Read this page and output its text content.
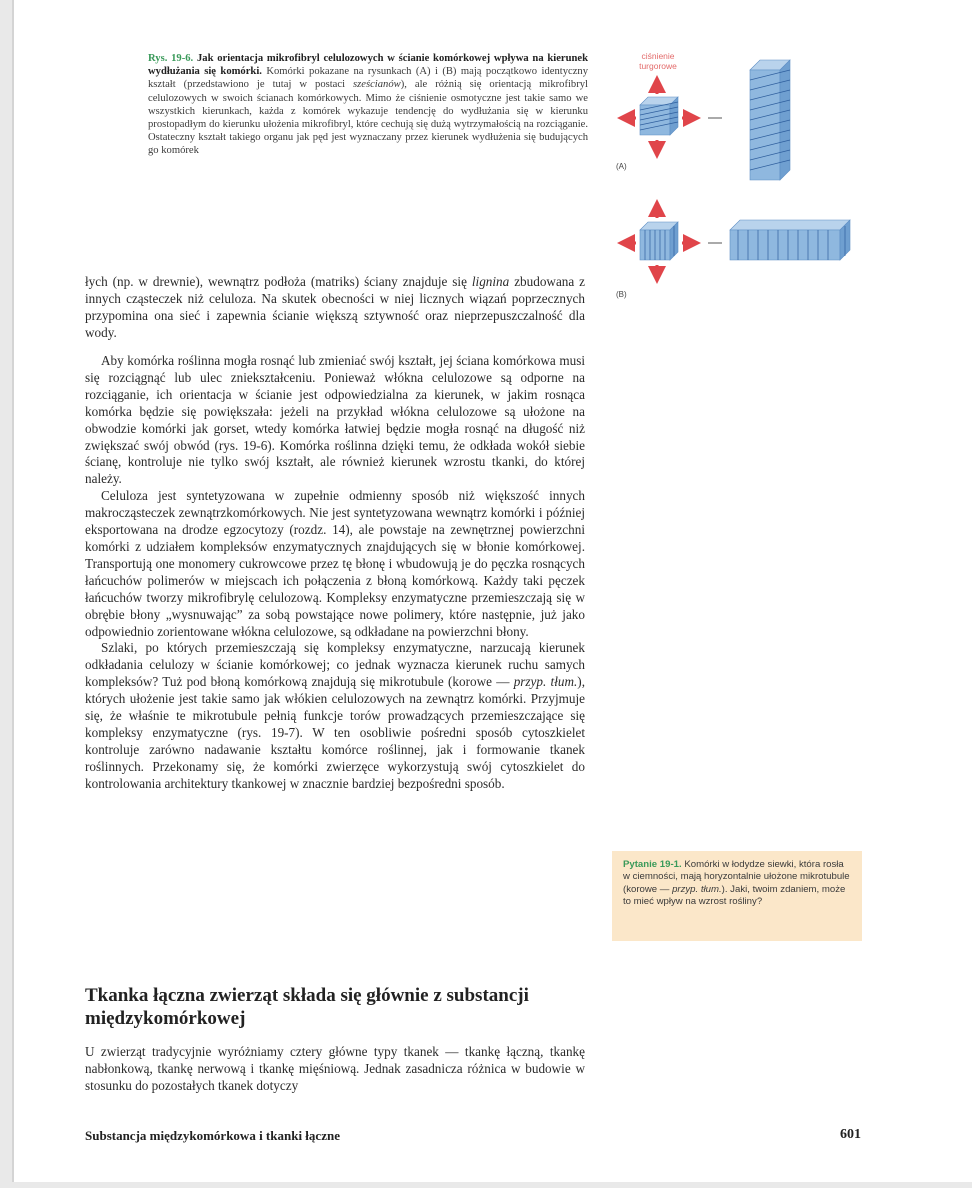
Rys. 19-6. Jak orientacja mikrofibryl celulozowych w ścianie komórkowej wpływa na kierunek wydłużania się komórki. Komórki pokazane na rysunkach (A) i (B) mają początkowo identyczny kształt (przedstawiono je tutaj w postaci sześcianów), ale różnią się orientacją mikrofibryl celulozowych w swoich ścianach komórkowych. Mimo że ciśnienie osmotyczne jest takie samo we wszystkich kierunkach, każda z komórek wykazuje tendencję do wydłużania się w kierunku prostopadłym do kierunku ułożenia mikrofibryl, które cechują się dużą wytrzymałością na rozciąganie. Ostateczny kształt takiego organu jak pęd jest wyznaczany przez kierunek wydłużenia się budujących go komórek
ciśnienie turgorowe
(A)
(B)

łych (np. w drewnie), wewnątrz podłoża (matriks) ściany znajduje się lignina zbudowana z innych cząsteczek niż celuloza. Na skutek obecności w niej licznych wiązań poprzecznych przypomina ona sieć i zapewnia ścianie większą sztywność oraz nieprzepuszczalność dla wody.

Aby komórka roślinna mogła rosnąć lub zmieniać swój kształt, jej ściana komórkowa musi się rozciągnąć lub ulec zniekształceniu. Ponieważ włókna celulozowe są odporne na rozciąganie, ich orientacja w ścianie jest odpowiedzialna za kierunek, w jakim rosnąca komórka będzie się powiększała: jeżeli na przykład włókna celulozowe są ułożone na obwodzie komórki jak gorset, wtedy komórka łatwiej będzie mogła rosnąć na długość niż zwiększać swój obwód (rys. 19-6). Komórka roślinna dzięki temu, że odkłada wokół siebie ścianę, kontroluje nie tylko swój kształt, ale również kierunek wzrostu tkanki, do której należy.

Celuloza jest syntetyzowana w zupełnie odmienny sposób niż większość innych makrocząsteczek zewnątrzkomórkowych. Nie jest syntetyzowana wewnątrz komórki i później eksportowana na drodze egzocytozy (rozdz. 14), ale powstaje na zewnętrznej powierzchni komórki z udziałem kompleksów enzymatycznych znajdujących się w błonie komórkowej. Transportują one monomery cukrowcowe przez tę błonę i wbudowują je do pęczka rosnących łańcuchów polimerów w miejscach ich połączenia z błoną komórkową. Każdy taki pęczek łańcuchów tworzy mikrofibrylę celulozową. Kompleksy enzymatyczne przemieszczają się w obrębie błony „wysnuwając” za sobą powstające nowe polimery, które następnie, już jako odpowiednio zorientowane włókna celulozowe, są odkładane na powierzchni błony.

Szlaki, po których przemieszczają się kompleksy enzymatyczne, narzucają kierunek odkładania celulozy w ścianie komórkowej; co jednak wyznacza kierunek ruchu samych kompleksów? Tuż pod błoną komórkową znajdują się mikrotubule (korowe — przyp. tłum.), których ułożenie jest takie samo jak włókien celulozowych na zewnątrz komórki. Przyjmuje się, że właśnie te mikrotubule pełnią funkcje torów prowadzących przemieszczające się kompleksy enzymatyczne (rys. 19-7). W ten osobliwie pośredni sposób cytoszkielet kontroluje zarówno nadawanie kształtu komórce roślinnej, jak i formowanie tkanek roślinnych. Przekonamy się, że komórki zwierzęce wykorzystują swój cytoszkielet do kontrolowania architektury tkankowej w znacznie bardziej bezpośredni sposób.

Tkanka łączna zwierząt składa się głównie z substancji międzykomórkowej

U zwierząt tradycyjnie wyróżniamy cztery główne typy tkanek — tkankę łączną, tkankę nabłonkową, tkankę nerwową i tkankę mięśniową. Jednak zasadnicza różnica w budowie w stosunku do pozostałych tkanek dotyczy

Pytanie 19-1. Komórki w łodydze siewki, która rosła w ciemności, mają horyzontalnie ułożone mikrotubule (korowe — przyp. tłum.). Jaki, twoim zdaniem, może to mieć wpływ na wzrost rośliny?
Substancja międzykomórkowa i tkanki łączne	601
